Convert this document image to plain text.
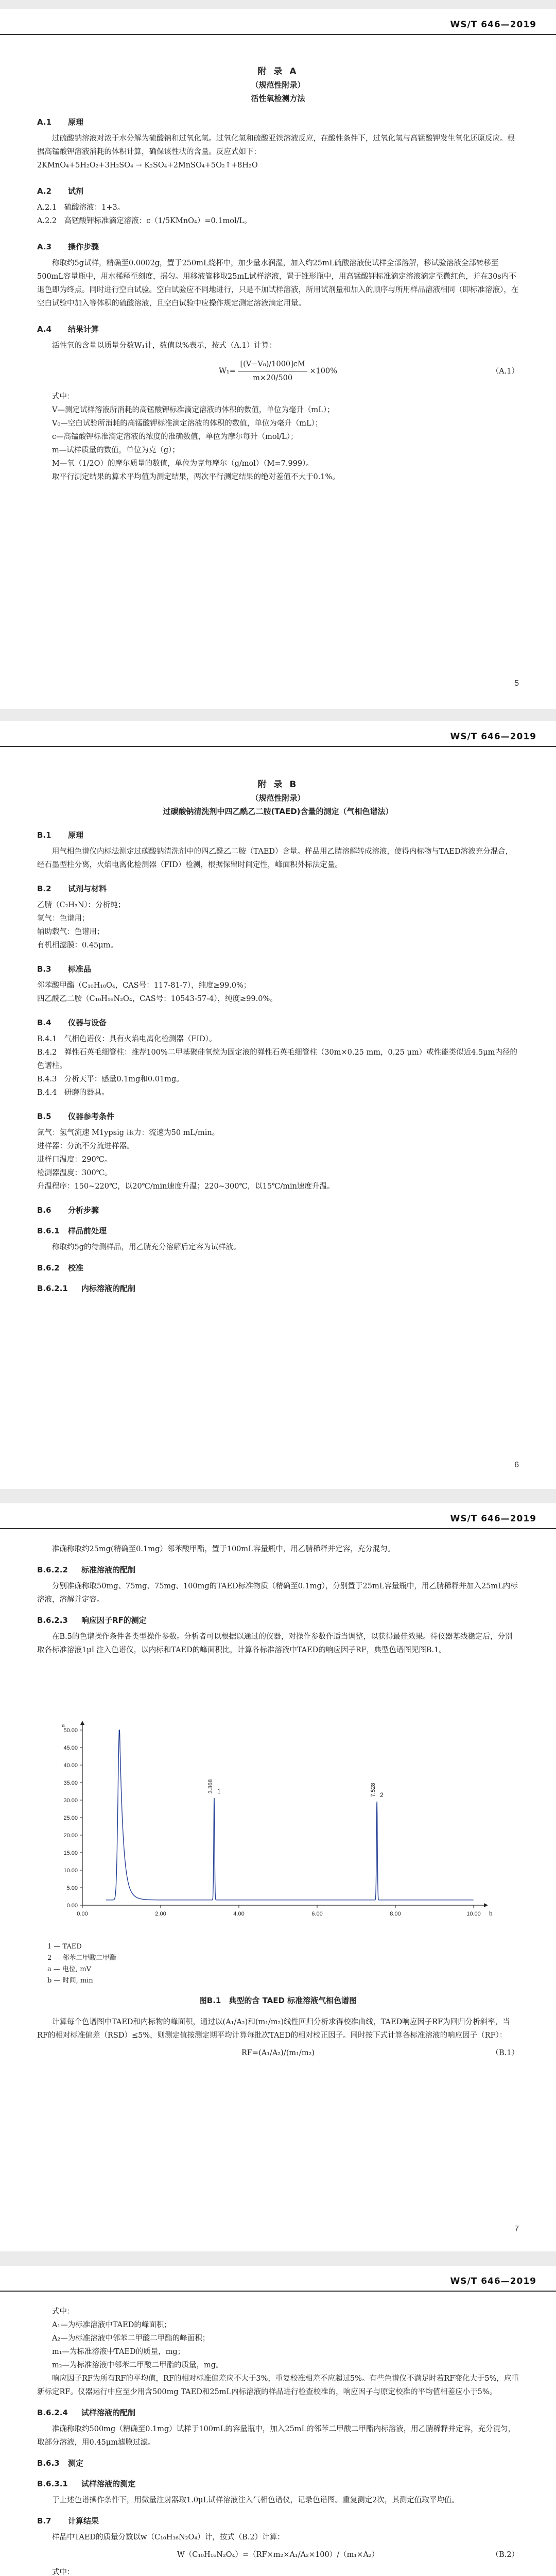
WS/T 646—2019
附 录 A
（规范性附录）
活性氧检测方法
A.1 原理

过硫酸钠溶液对浓于水分解为硫酸钠和过氧化氢。过氧化氢和硫酸亚铁溶液反应，在酸性条件下，过氧化氢与高锰酸钾发生氧化还原反应。根据高锰酸钾溶液消耗的体积计算，确保该性状的含量。反应式如下：

2KMnO₄+5H₂O₂+3H₂SO₄ → K₂SO₄+2MnSO₄+5O₂↑+8H₂O

A.2 试剂

A.2.1　硫酸溶液：1+3。

A.2.2　高锰酸钾标准滴定溶液：c（1/5KMnO₄）=0.1mol/L。

A.3 操作步骤

称取约5g试样，精确至0.0002g，置于250mL烧杯中，加少量水润湿，加入约25mL硫酸溶液使试样全部溶解，移试验溶液全部转移至500mL容量瓶中，用水稀释至刻度，摇匀。用移液管移取25mL试样溶液，置于锥形瓶中，用高锰酸钾标准滴定溶液滴定至微红色，并在30s内不退色即为终点。同时进行空白试验。空白试验应不同地进行，只是不加试样溶液，所用试剂量和加入的顺序与所用样品溶液相同（即标准溶液），在空白试验中加入等体积的硫酸溶液，且空白试验中应操作规定测定溶液滴定用量。

A.4 结果计算

活性氧的含量以质量分数W₁计，数值以%表示，按式（A.1）计算：

$W_1= \frac{\text{[(V−V₀)/1000]cM}}{m\times 20/500} \times 100\%$	（A.1）

式中：

V—测定试样溶液所消耗的高锰酸钾标准滴定溶液的体积的数值，单位为毫升（mL）；

V₀—空白试验所消耗的高锰酸钾标准滴定溶液的体积的数值，单位为毫升（mL）；

c—高锰酸钾标准滴定溶液的浓度的准确数值，单位为摩尔每升（mol/L）；

m—试样质量的数值，单位为克（g）；

M—氧（1/2O）的摩尔质量的数值，单位为克每摩尔（g/mol）（M=7.999）。

取平行测定结果的算术平均值为测定结果，两次平行测定结果的绝对差值不大于0.1%。

5
WS/T 646—2019
附 录 B
（规范性附录）
过碳酸钠清洗剂中四乙酰乙二胺(TAED)含量的测定（气相色谱法）
B.1 原理

用气相色谱仪内标法测定过碳酸钠清洗剂中的四乙酰乙二胺（TAED）含量。样品用乙腈溶解转成溶液，使得内标物与TAED溶液充分混合，经石墨型柱分离，火焰电离化检测器（FID）检测，根据保留时间定性，峰面积外标法定量。

B.2 试剂与材料

乙腈（C₂H₃N）：分析纯；

氢气：色谱用；

辅助载气：色谱用；

有机相滤膜：0.45μm。

B.3 标准品

邻苯酸甲酯（C₁₀H₁₀O₄，CAS号：117-81-7），纯度≥99.0%；

四乙酰乙二胺（C₁₀H₁₆N₂O₄，CAS号：10543-57-4），纯度≥99.0%。

B.4 仪器与设备

B.4.1　气相色谱仪：具有火焰电离化检测器（FID）。

B.4.2　弹性石英毛细管柱：推荐100%二甲基聚硅氧烷为固定液的弹性石英毛细管柱（30m×0.25 mm，0.25 μm）或性能类似近4.5μm内径的色谱柱。

B.4.3　分析天平：感量0.1mg和0.01mg。

B.4.4　研磨的器具。

B.5 仪器参考条件

氮气：氢气流速 M1ypsig 压力：流速为50 mL/min。

进样器：分流不分流进样器。

进样口温度：290℃。

检测器温度：300℃。

升温程序：150~220℃，以20℃/min速度升温；220~300℃，以15℃/min速度升温。

B.6 分析步骤
B.6.1 样品前处理

称取约5g的待测样品，用乙腈充分溶解后定容为试样液。

B.6.2 校准
B.6.2.1 内标溶液的配制
6
WS/T 646—2019

准确称取约25mg(精确至0.1mg）邻苯酸甲酯，置于100mL容量瓶中，用乙腈稀释并定容，充分混匀。

B.6.2.2 标准溶液的配制

分别准确称取50mg、75mg、75mg、100mg的TAED标准物质（精确至0.1mg），分别置于25mL容量瓶中，用乙腈稀释并加入25mL内标溶液，溶解并定容。

B.6.2.3 响应因子RF的测定

在B.5的色谱操作条件各类型操作参数。分析者可以根据以通过的仪器，对操作参数作适当调整，以获得最佳效果。待仪器基线稳定后，分别取各标准溶液1μL注入色谱仪，以内标和TAED的峰面积比，计算各标准溶液中TAED的响应因子RF，典型色谱图见图B.1。

0.00
5.00
10.00
15.00
20.00
25.00
30.00
35.00
40.00
45.00
50.00
0.00	2.00	4.00	6.00	8.00	10.00
a
b
3.368 1	7.528 2
1 — TAED
2 — 邻苯二甲酸二甲酯
a — 电位, mV
b — 时间, min
图B.1　典型的含 TAED 标准溶液气相色谱图

计算每个色谱图中TAED和内标物的峰面积，通过以(A₁/A₂)和(m₁/m₂)线性回归分析求得校准曲线，TAED响应因子RF为回归分析斜率，当RF的相对标准偏差（RSD）≤5%，则测定值按测定期平均计算每批次TAED的相对校正因子。同时按下式计算各标准溶液的响应因子（RF）：

RF=(A₁/A₂)/(m₁/m₂)	（B.1）
7
WS/T 646—2019

式中：

A₁—为标准溶液中TAED的峰面积；

A₂—为标准溶液中邻苯二甲酸二甲酯的峰面积；

m₁—为标准溶液中TAED的质量，mg；

m₂—为标准溶液中邻苯二甲酸二甲酯的质量，mg。

响应因子RF为所有RF的平均值，RF的相对标准偏差应不大于3%，重复校准相差不应超过5%。有些色谱仪不满足时若RF变化大于5%，应重新标定RF。仪器运行中应至少用含500mg TAED和25mL内标溶液的样品进行检查校准的，响应因子与原定校准的平均值相差应小于5%。

B.6.2.4 试样溶液的配制

准确称取约500mg（精确至0.1mg）试样于100mL的容量瓶中，加入25mL的邻苯二甲酸二甲酯内标溶液，用乙腈稀释并定容，充分混匀，取部分溶液，用0.45μm滤膜过滤。

B.6.3 测定
B.6.3.1 试样溶液的测定

于上述色谱操作条件下，用微量注射器取1.0μL试样溶液注入气相色谱仪，记录色谱图。重复测定2次，其测定值取平均值。

B.7 计算结果

样品中TAED的质量分数以w（C₁₀H₁₆N₂O₄）计，按式（B.2）计算：

W（C₁₀H₁₆N₂O₄）=（RF×m₂×A₁/A₂×100）/（m₁×A₂）	（B.2）

式中：
